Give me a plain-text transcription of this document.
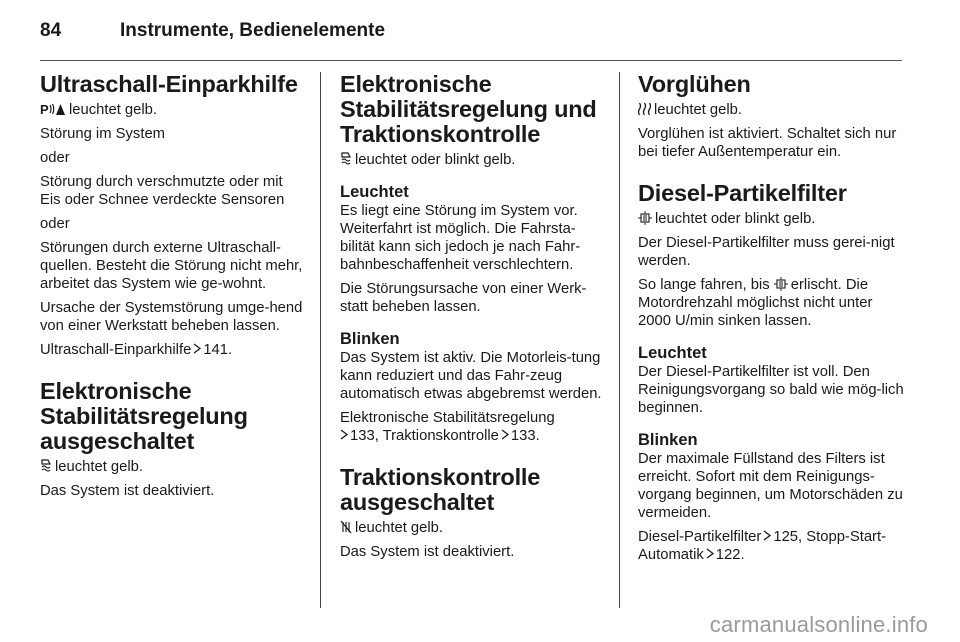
84	Instrumente, Bedienelemente
Ultraschall-Einparkhilfe

P leuchtet gelb.

Störung im System

oder

Störung durch verschmutzte oder mit Eis oder Schnee verdeckte Sensoren

oder

Störungen durch externe Ultraschall-quellen. Besteht die Störung nicht mehr, arbeitet das System wie ge-wohnt.

Ursache der Systemstörung umge-hend von einer Werkstatt beheben lassen.

Ultraschall-Einparkhilfe 141.

Elektronische Stabilitätsregelung ausgeschaltet

leuchtet gelb.

Das System ist deaktiviert.

Elektronische Stabilitätsregelung und Traktionskontrolle

leuchtet oder blinkt gelb.

Leuchtet

Es liegt eine Störung im System vor. Weiterfahrt ist möglich. Die Fahrsta-bilität kann sich jedoch je nach Fahr-bahnbeschaffenheit verschlechtern.

Die Störungsursache von einer Werk-statt beheben lassen.

Blinken

Das System ist aktiv. Die Motorleis-tung kann reduziert und das Fahr-zeug automatisch etwas abgebremst werden.

Elektronische Stabilitätsregelung
133, Traktionskontrolle 133.

Traktionskontrolle ausgeschaltet

leuchtet gelb.

Das System ist deaktiviert.

Vorglühen

leuchtet gelb.

Vorglühen ist aktiviert. Schaltet sich nur bei tiefer Außentemperatur ein.

Diesel-Partikelfilter

leuchtet oder blinkt gelb.

Der Diesel-Partikelfilter muss gerei-nigt werden.

So lange fahren, bis erlischt. Die Motordrehzahl möglichst nicht unter 2000 U/min sinken lassen.

Leuchtet

Der Diesel-Partikelfilter ist voll. Den Reinigungsvorgang so bald wie mög-lich beginnen.

Blinken

Der maximale Füllstand des Filters ist erreicht. Sofort mit dem Reinigungs-vorgang beginnen, um Motorschäden zu vermeiden.

Diesel-Partikelfilter 125, Stopp-Start-Automatik 122.

carmanualsonline.info
